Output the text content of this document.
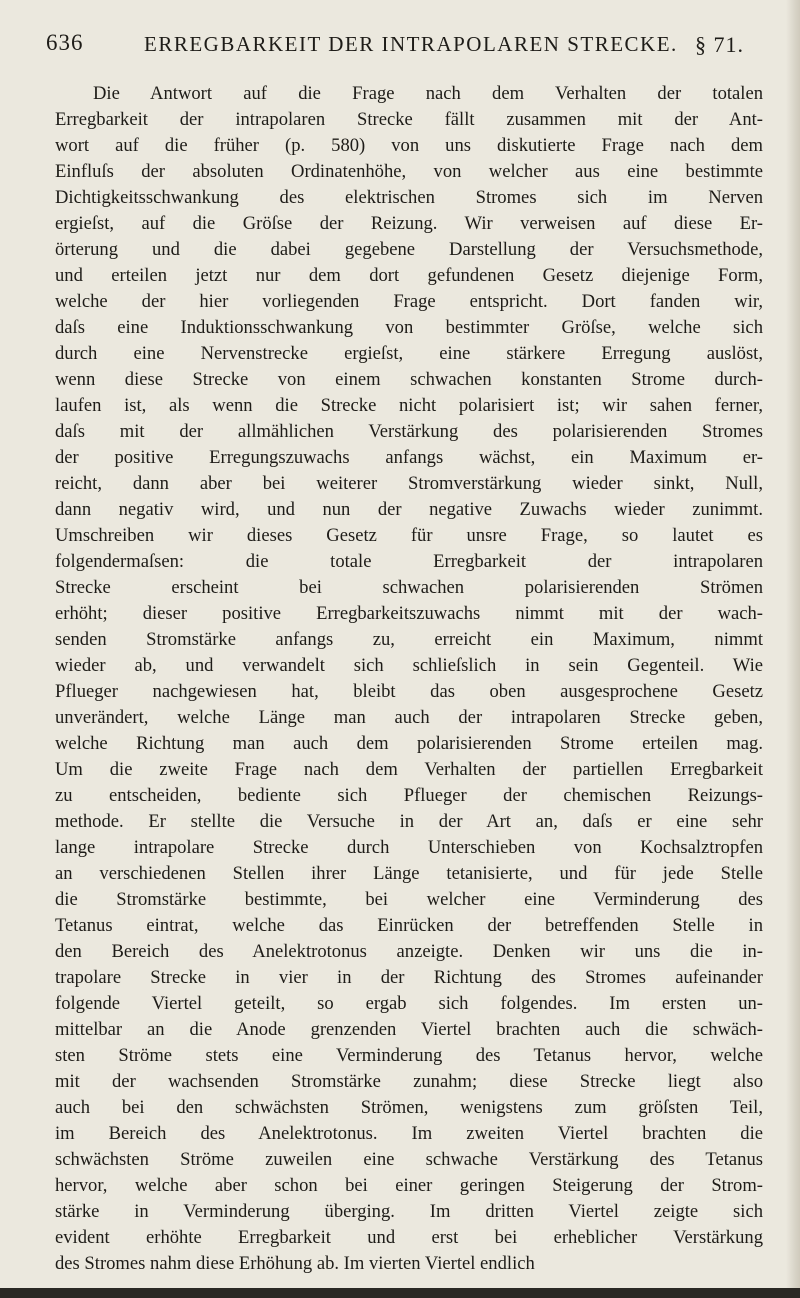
636	ERREGBARKEIT DER INTRAPOLAREN STRECKE. § 71.
Die Antwort auf die Frage nach dem Verhalten der totalen
Erregbarkeit der intrapolaren Strecke fällt zusammen mit der Ant-
wort auf die früher (p. 580) von uns diskutierte Frage nach dem
Einfluſs der absoluten Ordinatenhöhe, von welcher aus eine bestimmte
Dichtigkeitsschwankung des elektrischen Stromes sich im Nerven
ergieſst, auf die Gröſse der Reizung. Wir verweisen auf diese Er-
örterung und die dabei gegebene Darstellung der Versuchsmethode,
und erteilen jetzt nur dem dort gefundenen Gesetz diejenige Form,
welche der hier vorliegenden Frage entspricht. Dort fanden wir,
daſs eine Induktionsschwankung von bestimmter Gröſse, welche sich
durch eine Nervenstrecke ergieſst, eine stärkere Erregung auslöst,
wenn diese Strecke von einem schwachen konstanten Strome durch-
laufen ist, als wenn die Strecke nicht polarisiert ist; wir sahen ferner,
daſs mit der allmählichen Verstärkung des polarisierenden Stromes
der positive Erregungszuwachs anfangs wächst, ein Maximum er-
reicht, dann aber bei weiterer Stromverstärkung wieder sinkt, Null,
dann negativ wird, und nun der negative Zuwachs wieder zunimmt.
Umschreiben wir dieses Gesetz für unsre Frage, so lautet es
folgendermaſsen: die totale Erregbarkeit der intrapolaren
Strecke erscheint bei schwachen polarisierenden Strömen
erhöht; dieser positive Erregbarkeitszuwachs nimmt mit der wach-
senden Stromstärke anfangs zu, erreicht ein Maximum, nimmt
wieder ab, und verwandelt sich schlieſslich in sein Gegenteil. Wie
Pflueger nachgewiesen hat, bleibt das oben ausgesprochene Gesetz
unverändert, welche Länge man auch der intrapolaren Strecke geben,
welche Richtung man auch dem polarisierenden Strome erteilen mag.
Um die zweite Frage nach dem Verhalten der partiellen Erregbarkeit
zu entscheiden, bediente sich Pflueger der chemischen Reizungs-
methode. Er stellte die Versuche in der Art an, daſs er eine sehr
lange intrapolare Strecke durch Unterschieben von Kochsalztropfen
an verschiedenen Stellen ihrer Länge tetanisierte, und für jede Stelle
die Stromstärke bestimmte, bei welcher eine Verminderung des
Tetanus eintrat, welche das Einrücken der betreffenden Stelle in
den Bereich des Anelektrotonus anzeigte. Denken wir uns die in-
trapolare Strecke in vier in der Richtung des Stromes aufeinander
folgende Viertel geteilt, so ergab sich folgendes. Im ersten un-
mittelbar an die Anode grenzenden Viertel brachten auch die schwäch-
sten Ströme stets eine Verminderung des Tetanus hervor, welche
mit der wachsenden Stromstärke zunahm; diese Strecke liegt also
auch bei den schwächsten Strömen, wenigstens zum gröſsten Teil,
im Bereich des Anelektrotonus. Im zweiten Viertel brachten die
schwächsten Ströme zuweilen eine schwache Verstärkung des Tetanus
hervor, welche aber schon bei einer geringen Steigerung der Strom-
stärke in Verminderung überging. Im dritten Viertel zeigte sich
evident erhöhte Erregbarkeit und erst bei erheblicher Verstärkung
des Stromes nahm diese Erhöhung ab. Im vierten Viertel endlich
